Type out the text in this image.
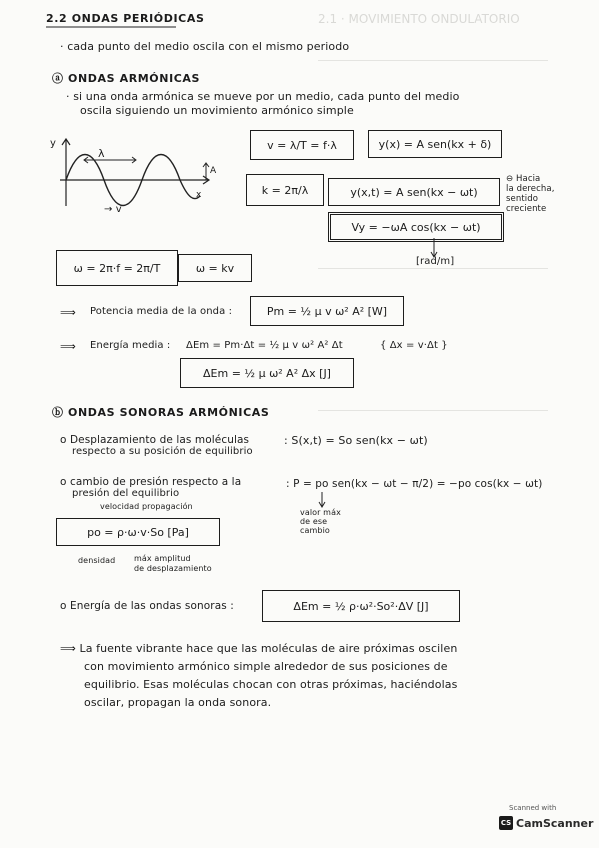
2.1 · MOVIMIENTO ONDULATORIO
2.2 ONDAS PERIÓDICAS
· cada punto del medio oscila con el mismo periodo
ⓐ ONDAS ARMÓNICAS
· si una onda armónica se mueve por un medio, cada punto del medio
oscila siguiendo un movimiento armónico simple
y
λ
A
x
→ v
v = λ/T = f·λ	y(x) = A sen(kx + δ)
k = 2π/λ	y(x,t) = A sen(kx − ωt)
Vy = −ωA cos(kx − ωt)
⊖ Hacia
la derecha,
sentido
creciente
[rad/m]
ω = 2π·f = 2π/T	ω = kv
⟹ Potencia media de la onda :	Pm = ½ μ v ω² A² [W]
⟹ Energía media : ΔEm = Pm·Δt = ½ μ v ω² A² Δt	{ Δx = v·Δt }
ΔEm = ½ μ ω² A² Δx [J]
ⓑ ONDAS SONORAS ARMÓNICAS
o Desplazamiento de las moléculas
respecto a su posición de equilibrio
: S(x,t) = So sen(kx − ωt)
o cambio de presión respecto a la
presión del equilibrio
: P = po sen(kx − ωt − π/2) = −po cos(kx − ωt)
valor máx
de ese
cambio
velocidad propagación
po = ρ·ω·v·So [Pa]
densidad máx amplitud
de desplazamiento
o Energía de las ondas sonoras :	ΔEm = ½ ρ·ω²·So²·ΔV [J]
⟹ La fuente vibrante hace que las moléculas de aire próximas oscilen
con movimiento armónico simple alrededor de sus posiciones de
equilibrio. Esas moléculas chocan con otras próximas, haciéndolas
oscilar, propagan la onda sonora.
Scanned with
CS CamScanner
